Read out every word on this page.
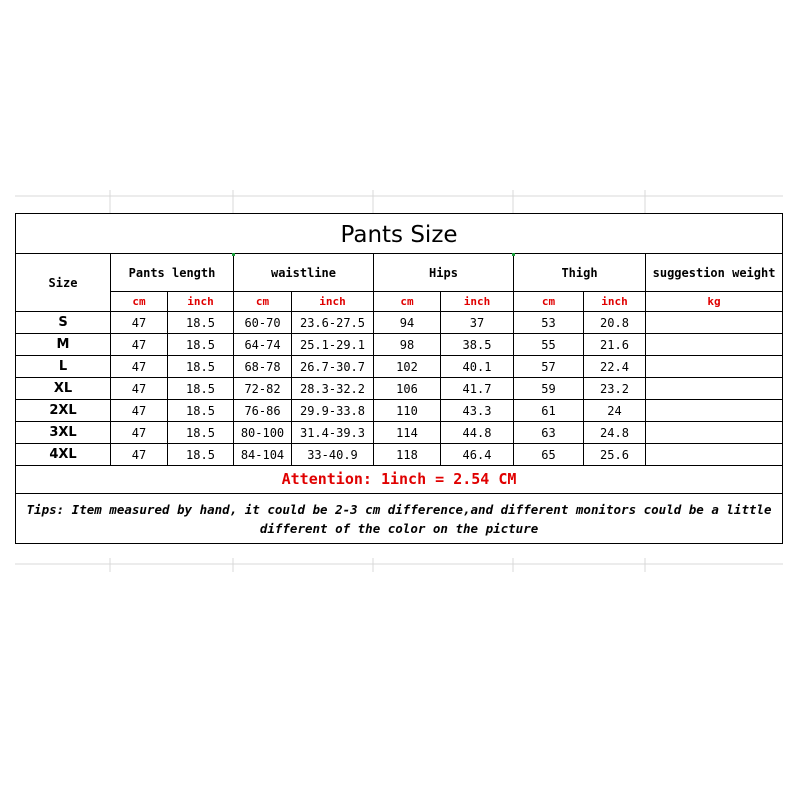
Pants Size									
Size	Pants length		waistline		Hips		Thigh		suggestion weight
	cm	inch	cm	inch	cm	inch	cm	inch	kg
S	47	18.5	60-70	23.6-27.5	94	37	53	20.8	
M	47	18.5	64-74	25.1-29.1	98	38.5	55	21.6	
L	47	18.5	68-78	26.7-30.7	102	40.1	57	22.4	
XL	47	18.5	72-82	28.3-32.2	106	41.7	59	23.2	
2XL	47	18.5	76-86	29.9-33.8	110	43.3	61	24	
3XL	47	18.5	80-100	31.4-39.3	114	44.8	63	24.8	
4XL	47	18.5	84-104	33-40.9	118	46.4	65	25.6	
Attention: 1inch = 2.54 CM									
Tips: Item measured by hand, it could be 2-3 cm difference,and different monitors could be a little different of the color on the picture									
